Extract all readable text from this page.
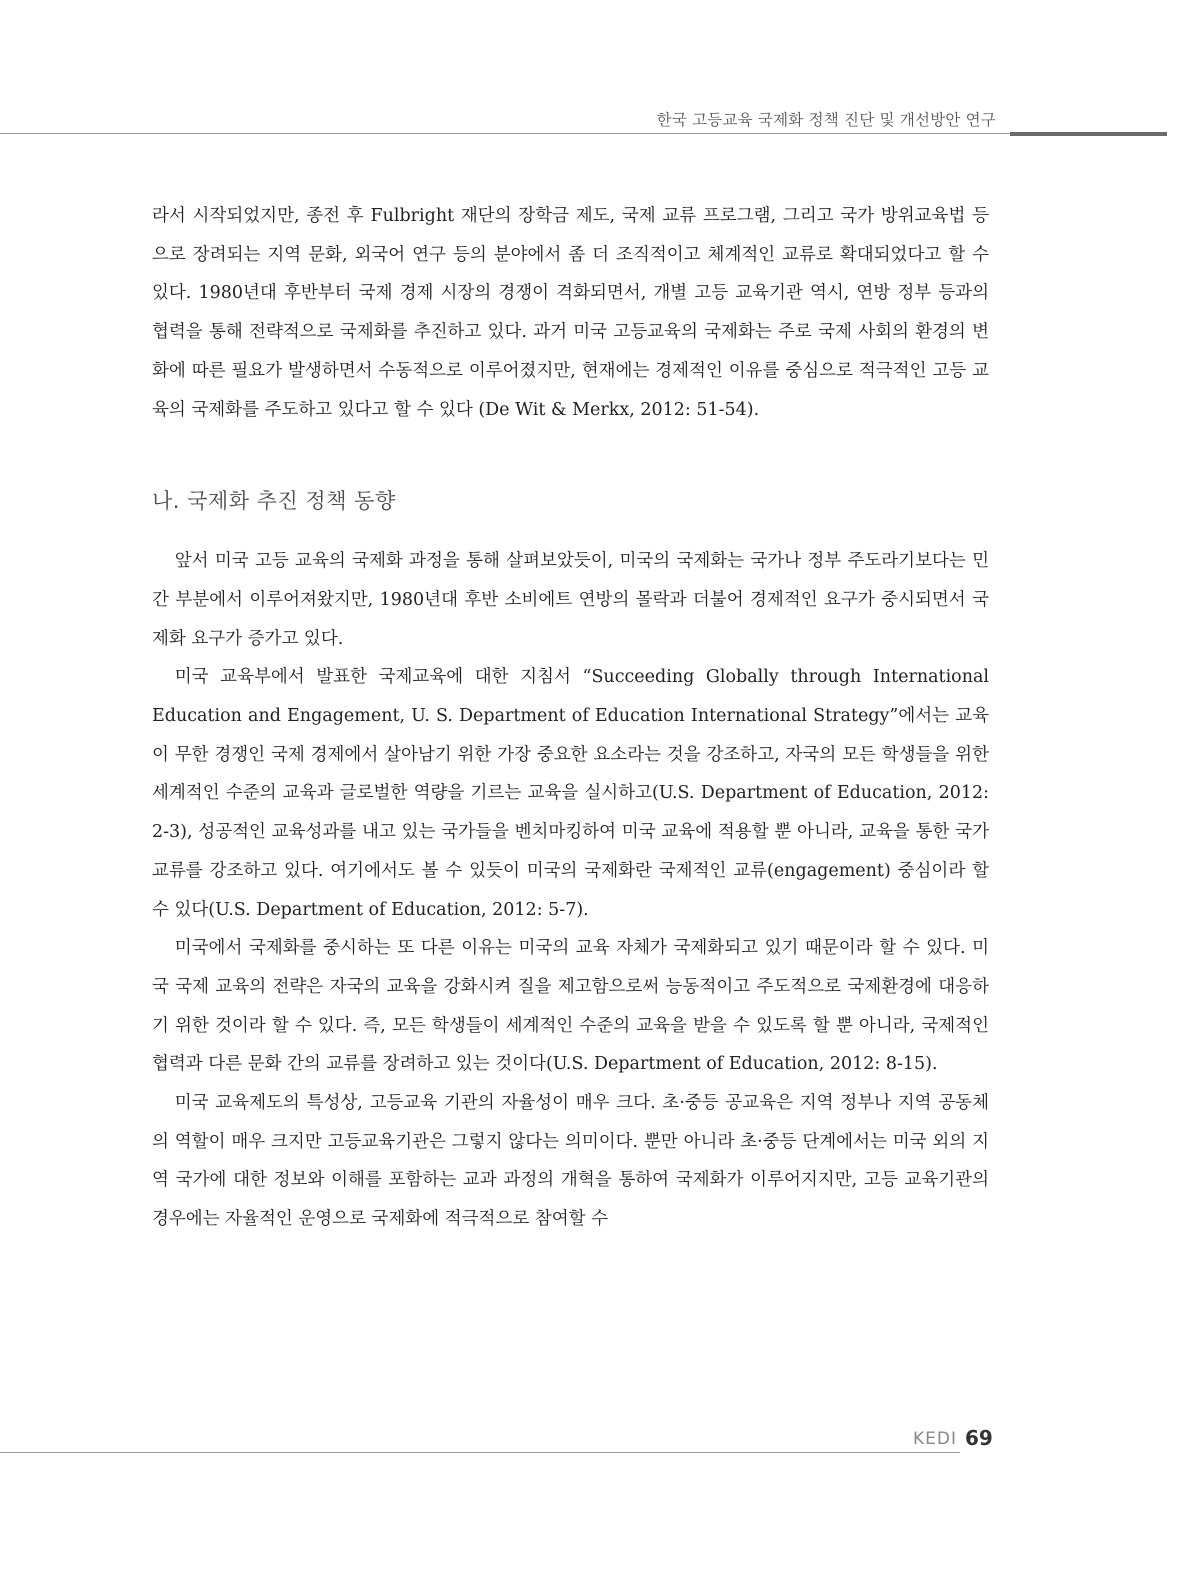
한국 고등교육 국제화 정책 진단 및 개선방안 연구

라서 시작되었지만, 종전 후 Fulbright 재단의 장학금 제도, 국제 교류 프로그램, 그리고 국가 방위교육법 등으로 장려되는 지역 문화, 외국어 연구 등의 분야에서 좀 더 조직적이고 체계적인 교류로 확대되었다고 할 수 있다. 1980년대 후반부터 국제 경제 시장의 경쟁이 격화되면서, 개별 고등 교육기관 역시, 연방 정부 등과의 협력을 통해 전략적으로 국제화를 추진하고 있다. 과거 미국 고등교육의 국제화는 주로 국제 사회의 환경의 변화에 따른 필요가 발생하면서 수동적으로 이루어졌지만, 현재에는 경제적인 이유를 중심으로 적극적인 고등 교육의 국제화를 주도하고 있다고 할 수 있다 (De Wit & Merkx, 2012: 51-54).

나. 국제화 추진 정책 동향

앞서 미국 고등 교육의 국제화 과정을 통해 살펴보았듯이, 미국의 국제화는 국가나 정부 주도라기보다는 민간 부분에서 이루어져왔지만, 1980년대 후반 소비에트 연방의 몰락과 더불어 경제적인 요구가 중시되면서 국제화 요구가 증가고 있다.

미국 교육부에서 발표한 국제교육에 대한 지침서 “Succeeding Globally through International Education and Engagement, U. S. Department of Education International Strategy”에서는 교육이 무한 경쟁인 국제 경제에서 살아남기 위한 가장 중요한 요소라는 것을 강조하고, 자국의 모든 학생들을 위한 세계적인 수준의 교육과 글로벌한 역량을 기르는 교육을 실시하고(U.S. Department of Education, 2012: 2-3), 성공적인 교육성과를 내고 있는 국가들을 벤치마킹하여 미국 교육에 적용할 뿐 아니라, 교육을 통한 국가 교류를 강조하고 있다. 여기에서도 볼 수 있듯이 미국의 국제화란 국제적인 교류(engagement) 중심이라 할 수 있다(U.S. Department of Education, 2012: 5-7).

미국에서 국제화를 중시하는 또 다른 이유는 미국의 교육 자체가 국제화되고 있기 때문이라 할 수 있다. 미국 국제 교육의 전략은 자국의 교육을 강화시켜 질을 제고함으로써 능동적이고 주도적으로 국제환경에 대응하기 위한 것이라 할 수 있다. 즉, 모든 학생들이 세계적인 수준의 교육을 받을 수 있도록 할 뿐 아니라, 국제적인 협력과 다른 문화 간의 교류를 장려하고 있는 것이다(U.S. Department of Education, 2012: 8-15).

미국 교육제도의 특성상, 고등교육 기관의 자율성이 매우 크다. 초·중등 공교육은 지역 정부나 지역 공동체의 역할이 매우 크지만 고등교육기관은 그렇지 않다는 의미이다. 뿐만 아니라 초·중등 단계에서는 미국 외의 지역 국가에 대한 정보와 이해를 포함하는 교과 과정의 개혁을 통하여 국제화가 이루어지지만, 고등 교육기관의 경우에는 자율적인 운영으로 국제화에 적극적으로 참여할 수

KEDI 69
